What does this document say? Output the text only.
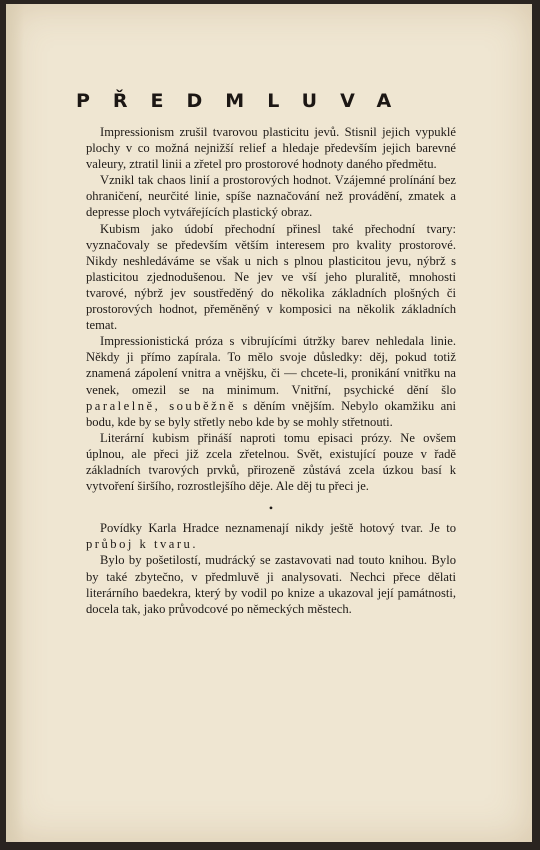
PŘEDMLUVA

Impressionism zrušil tvarovou plasticitu jevů. Stisnil jejich vypuklé plochy v co možná nejnižší relief a hledaje především jejich barevné valeury, ztratil linii a zřetel pro prostorové hodnoty daného předmětu.

Vznikl tak chaos linií a prostorových hodnot. Vzájemné prolínání bez ohraničení, neurčité linie, spíše naznačování než provádění, zmatek a depresse ploch vytvářejících plastický obraz.

Kubism jako údobí přechodní přinesl také přechodní tvary: vyznačovaly se především větším interesem pro kvality prostorové. Nikdy neshledáváme se však u nich s plnou plasticitou jevu, nýbrž s plasticitou zjednodušenou. Ne jev ve vší jeho pluralitě, mnohosti tvarové, nýbrž jev soustředěný do několika základních plošných či prostorových hodnot, přeměněný v komposici na několik základních temat.

Impressionistická próza s vibrujícími útržky barev nehledala linie. Někdy ji přímo zapírala. To mělo svoje důsledky: děj, pokud totiž znamená zápolení vnitra a vnějšku, či — chcete-li, pronikání vnitřku na venek, omezil se na minimum. Vnitřní, psychické dění šlo paralelně, souběžně s děním vnějším. Nebylo okamžiku ani bodu, kde by se byly střetly nebo kde by se mohly střetnouti.

Literární kubism přináší naproti tomu episaci prózy. Ne ovšem úplnou, ale přeci již zcela zřetelnou. Svět, existující pouze v řadě základních tvarových prvků, přirozeně zůstává zcela úzkou basí k vytvoření širšího, rozrostlejšího děje. Ale děj tu přeci je.

•

Povídky Karla Hradce neznamenají nikdy ještě hotový tvar. Je to průboj k tvaru.

Bylo by pošetilostí, mudrácký se zastavovati nad touto knihou. Bylo by také zbytečno, v předmluvě ji analysovati. Nechci přece dělati literárního baedekra, který by vodil po knize a ukazoval její památnosti, docela tak, jako průvodcové po německých městech.
